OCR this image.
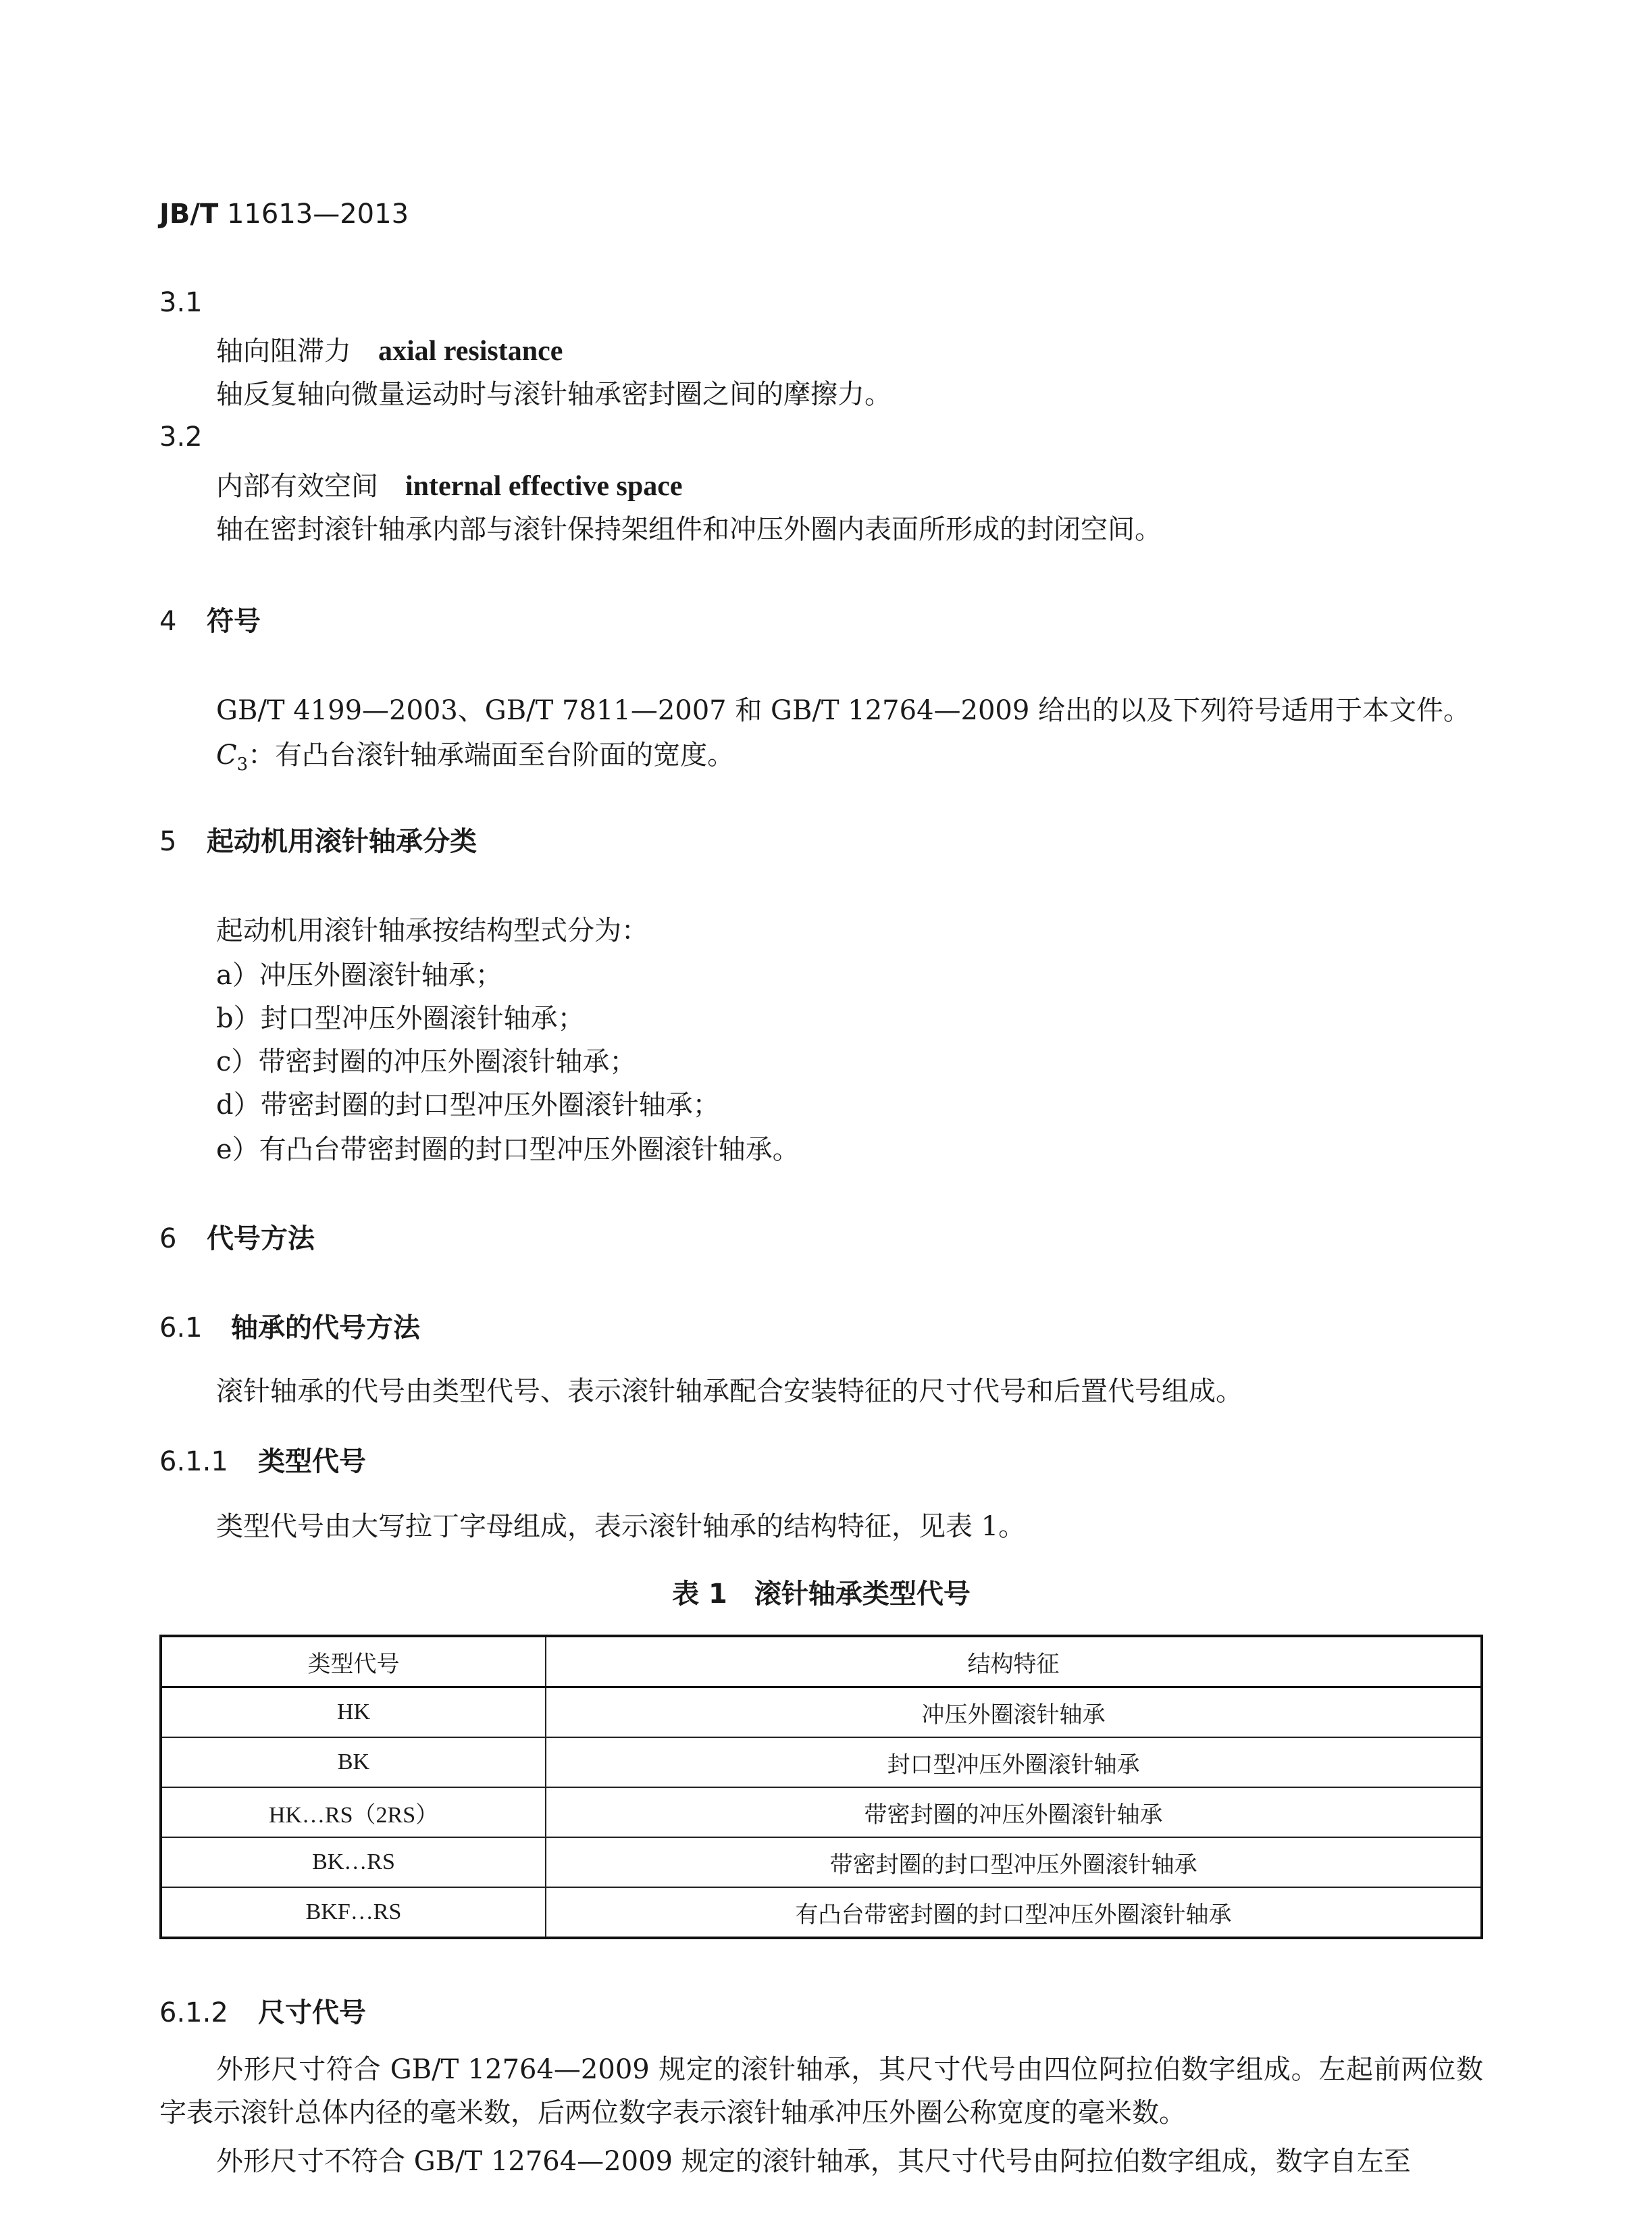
JB/T 11613—2013
3.1
轴向阻滞力 axial resistance
轴反复轴向微量运动时与滚针轴承密封圈之间的摩擦力。
3.2
内部有效空间 internal effective space
轴在密封滚针轴承内部与滚针保持架组件和冲压外圈内表面所形成的封闭空间。
4 符号
GB/T 4199—2003、GB/T 7811—2007 和 GB/T 12764—2009 给出的以及下列符号适用于本文件。
$C_3$：有凸台滚针轴承端面至台阶面的宽度。
5 起动机用滚针轴承分类
起动机用滚针轴承按结构型式分为：
a）冲压外圈滚针轴承；
b）封口型冲压外圈滚针轴承；
c）带密封圈的冲压外圈滚针轴承；
d）带密封圈的封口型冲压外圈滚针轴承；
e）有凸台带密封圈的封口型冲压外圈滚针轴承。
6 代号方法
6.1 轴承的代号方法
滚针轴承的代号由类型代号、表示滚针轴承配合安装特征的尺寸代号和后置代号组成。
6.1.1 类型代号
类型代号由大写拉丁字母组成，表示滚针轴承的结构特征，见表 1。
表 1　滚针轴承类型代号
类型代号	结构特征
HK	冲压外圈滚针轴承
BK	封口型冲压外圈滚针轴承
HK…RS（2RS）	带密封圈的冲压外圈滚针轴承
BK…RS	带密封圈的封口型冲压外圈滚针轴承
BKF…RS	有凸台带密封圈的封口型冲压外圈滚针轴承
6.1.2 尺寸代号
外形尺寸符合 GB/T 12764—2009 规定的滚针轴承，其尺寸代号由四位阿拉伯数字组成。左起前两位数字表示滚针总体内径的毫米数，后两位数字表示滚针轴承冲压外圈公称宽度的毫米数。
外形尺寸不符合 GB/T 12764—2009 规定的滚针轴承，其尺寸代号由阿拉伯数字组成，数字自左至
